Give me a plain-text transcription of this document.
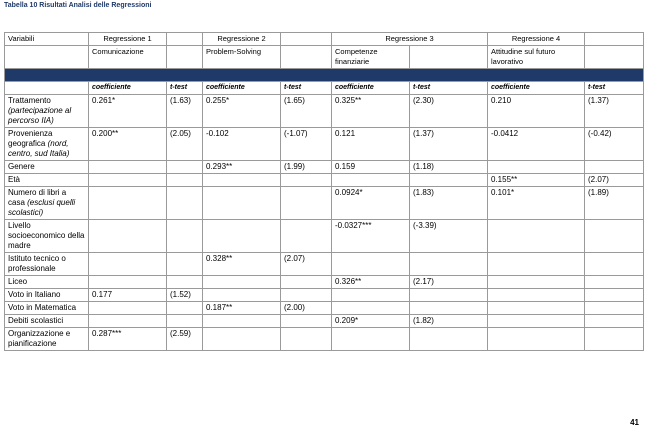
Tabella 10 Risultati Analisi delle Regressioni
Variabili	Regressione 1		Regressione 2		Regressione 3		Regressione 4	
	Comunicazione		Problem-Solving		Competenze finanziarie		Attitudine sul futuro lavorativo	

	coefficiente	t-test	coefficiente	t-test	coefficiente	t-test	coefficiente	t-test
Trattamento (partecipazione al percorso IIA)	0.261*	(1.63)	0.255*	(1.65)	0.325**	(2.30)	0.210	(1.37)
Provenienza geografica (nord, centro, sud Italia)	0.200**	(2.05)	-0.102	(-1.07)	0.121	(1.37)	-0.0412	(-0.42)
Genere			0.293**	(1.99)	0.159	(1.18)		
Età							0.155**	(2.07)
Numero di libri a casa (esclusi quelli scolastici)					0.0924*	(1.83)	0.101*	(1.89)
Livello socioeconomico della madre					-0.0327***	(-3.39)		
Istituto tecnico o professionale			0.328**	(2.07)				
Liceo					0.326**	(2.17)		
Voto in Italiano	0.177	(1.52)						
Voto in Matematica			0.187**	(2.00)				
Debiti scolastici					0.209*	(1.82)		
Organizzazione e pianificazione	0.287***	(2.59)						
41
